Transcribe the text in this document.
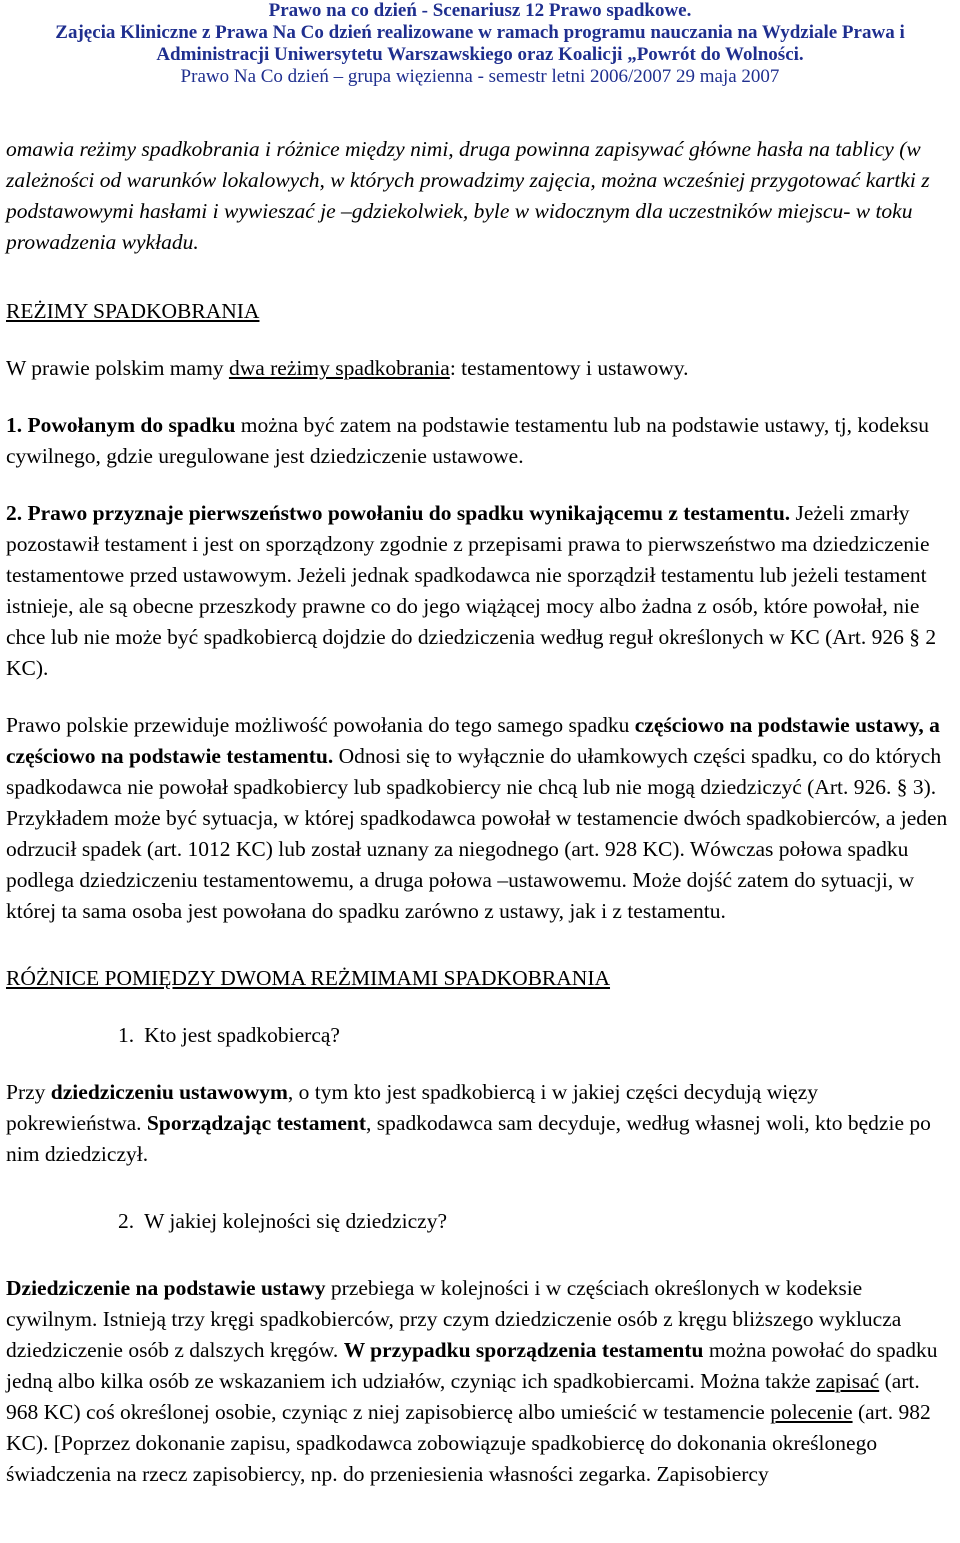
Prawo na co dzień - Scenariusz 12 Prawo spadkowe.
Zajęcia Kliniczne z Prawa Na Co dzień realizowane w ramach programu nauczania na Wydziale Prawa i
Administracji Uniwersytetu Warszawskiego oraz Koalicji „Powrót do Wolności.
Prawo Na Co dzień – grupa więzienna - semestr letni 2006/2007 29 maja 2007

omawia reżimy spadkobrania i różnice między nimi, druga powinna zapisywać główne hasła na tablicy (w zależności od warunków lokalowych, w których prowadzimy zajęcia, można wcześniej przygotować kartki z podstawowymi hasłami i wywieszać je –gdziekolwiek, byle w widocznym dla uczestników miejscu- w toku prowadzenia wykładu.

REŻIMY SPADKOBRANIA

W prawie polskim mamy dwa reżimy spadkobrania: testamentowy i ustawowy.

1. Powołanym do spadku można być zatem na podstawie testamentu lub na podstawie ustawy, tj, kodeksu cywilnego, gdzie uregulowane jest dziedziczenie ustawowe.

2. Prawo przyznaje pierwszeństwo powołaniu do spadku wynikającemu z testamentu. Jeżeli zmarły pozostawił testament i jest on sporządzony zgodnie z przepisami prawa to pierwszeństwo ma dziedziczenie testamentowe przed ustawowym. Jeżeli jednak spadkodawca nie sporządził testamentu lub jeżeli testament istnieje, ale są obecne przeszkody prawne co do jego wiążącej mocy albo żadna z osób, które powołał, nie chce lub nie może być spadkobiercą dojdzie do dziedziczenia według reguł określonych w KC (Art. 926 § 2 KC).

Prawo polskie przewiduje możliwość powołania do tego samego spadku częściowo na podstawie ustawy, a częściowo na podstawie testamentu. Odnosi się to wyłącznie do ułamkowych części spadku, co do których spadkodawca nie powołał spadkobiercy lub spadkobiercy nie chcą lub nie mogą dziedziczyć (Art. 926. § 3). Przykładem może być sytuacja, w której spadkodawca powołał w testamencie dwóch spadkobierców, a jeden odrzucił spadek (art. 1012 KC) lub został uznany za niegodnego (art. 928 KC). Wówczas połowa spadku podlega dziedziczeniu testamentowemu, a druga połowa –ustawowemu. Może dojść zatem do sytuacji, w której ta sama osoba jest powołana do spadku zarówno z ustawy, jak i z testamentu.

RÓŻNICE POMIĘDZY DWOMA REŻMIMAMI SPADKOBRANIA

1. Kto jest spadkobiercą?

Przy dziedziczeniu ustawowym, o tym kto jest spadkobiercą i w jakiej części decydują więzy pokrewieństwa. Sporządzając testament, spadkodawca sam decyduje, według własnej woli, kto będzie po nim dziedziczył.

2. W jakiej kolejności się dziedziczy?

Dziedziczenie na podstawie ustawy przebiega w kolejności i w częściach określonych w kodeksie cywilnym. Istnieją trzy kręgi spadkobierców, przy czym dziedziczenie osób z kręgu bliższego wyklucza dziedziczenie osób z dalszych kręgów. W przypadku sporządzenia testamentu można powołać do spadku jedną albo kilka osób ze wskazaniem ich udziałów, czyniąc ich spadkobiercami. Można także zapisać (art. 968 KC) coś określonej osobie, czyniąc z niej zapisobiercę albo umieścić w testamencie polecenie (art. 982 KC). [Poprzez dokonanie zapisu, spadkodawca zobowiązuje spadkobiercę do dokonania określonego świadczenia na rzecz zapisobiercy, np. do przeniesienia własności zegarka. Zapisobiercy
